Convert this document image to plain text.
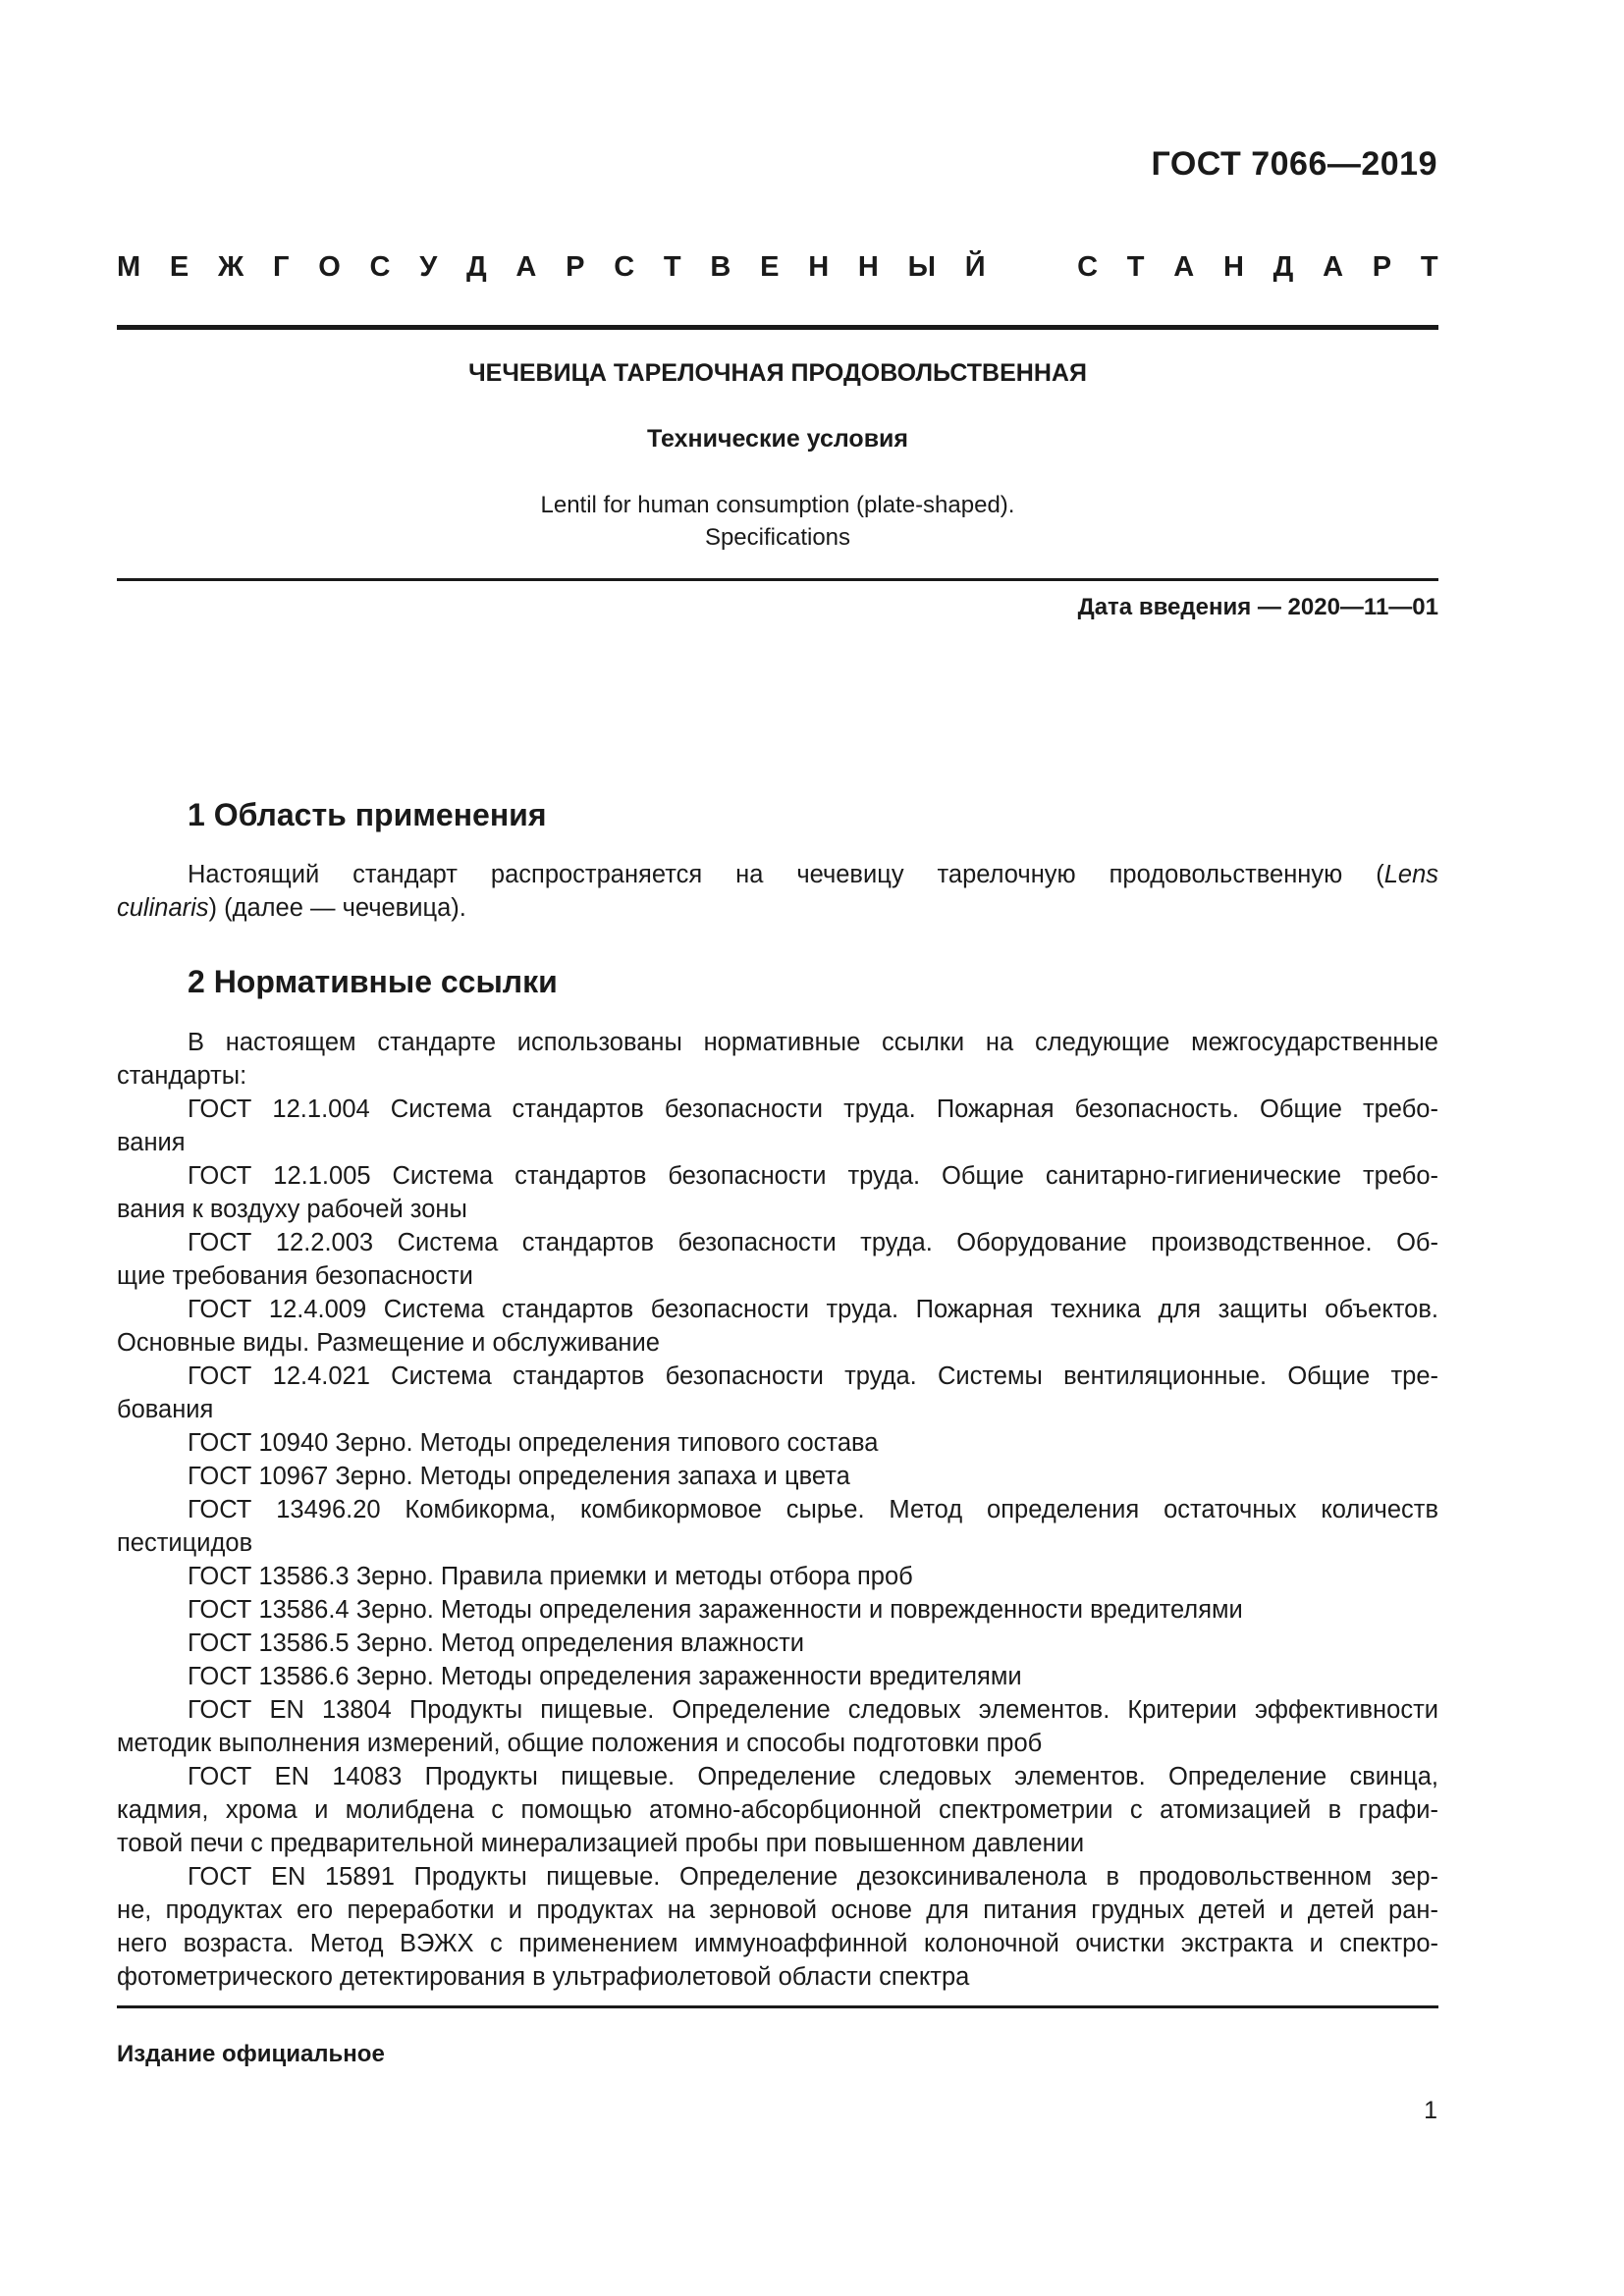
ГОСТ 7066—2019
М Е Ж Г О С У Д А Р С Т В Е Н Н Ы Й	С Т А Н Д А Р Т
ЧЕЧЕВИЦА ТАРЕЛОЧНАЯ ПРОДОВОЛЬСТВЕННАЯ
Технические условия
Lentil for human consumption (plate-shaped).
Specifications
Дата введения — 2020—11—01
1 Область применения
Настоящий стандарт распространяется на чечевицу тарелочную продовольственную (Lens
culinaris) (далее — чечевица).
2 Нормативные ссылки
В настоящем стандарте использованы нормативные ссылки на следующие межгосударственные
стандарты:
ГОСТ 12.1.004 Система стандартов безопасности труда. Пожарная безопасность. Общие требо-
вания
ГОСТ 12.1.005 Система стандартов безопасности труда. Общие санитарно-гигиенические требо-
вания к воздуху рабочей зоны
ГОСТ 12.2.003 Система стандартов безопасности труда. Оборудование производственное. Об-
щие требования безопасности
ГОСТ 12.4.009 Система стандартов безопасности труда. Пожарная техника для защиты объектов.
Основные виды. Размещение и обслуживание
ГОСТ 12.4.021 Система стандартов безопасности труда. Системы вентиляционные. Общие тре-
бования
ГОСТ 10940 Зерно. Методы определения типового состава
ГОСТ 10967 Зерно. Методы определения запаха и цвета
ГОСТ 13496.20 Комбикорма, комбикормовое сырье. Метод определения остаточных количеств
пестицидов
ГОСТ 13586.3 Зерно. Правила приемки и методы отбора проб
ГОСТ 13586.4 Зерно. Методы определения зараженности и поврежденности вредителями
ГОСТ 13586.5 Зерно. Метод определения влажности
ГОСТ 13586.6 Зерно. Методы определения зараженности вредителями
ГОСТ EN 13804 Продукты пищевые. Определение следовых элементов. Критерии эффективности
методик выполнения измерений, общие положения и способы подготовки проб
ГОСТ EN 14083 Продукты пищевые. Определение следовых элементов. Определение свинца,
кадмия, хрома и молибдена с помощью атомно-абсорбционной спектрометрии с атомизацией в графи-
товой печи с предварительной минерализацией пробы при повышенном давлении
ГОСТ EN 15891 Продукты пищевые. Определение дезоксиниваленола в продовольственном зер-
не, продуктах его переработки и продуктах на зерновой основе для питания грудных детей и детей ран-
него возраста. Метод ВЭЖХ с применением иммуноаффинной колоночной очистки экстракта и спектро-
фотометрического детектирования в ультрафиолетовой области спектра
Издание официальное
1
